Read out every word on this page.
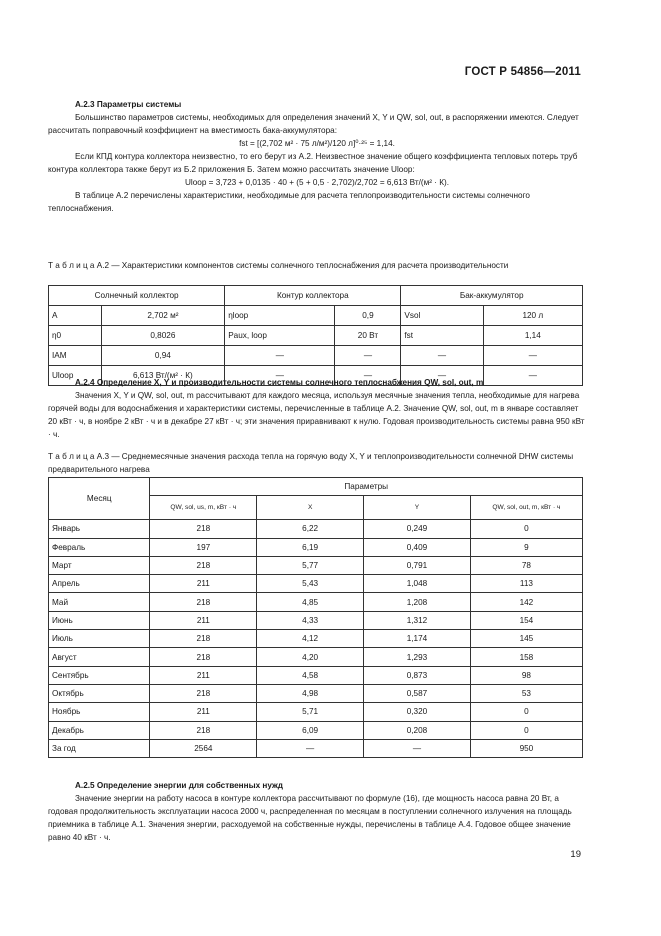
ГОСТ Р 54856—2011

А.2.3 Параметры системы

Большинство параметров системы, необходимых для определения значений X, Y и QW, sol, out, в распоряжении имеются. Следует рассчитать поправочный коэффициент на вместимость бака-аккумулятора:

fst = [(2,702 м² · 75 л/м²)/120 л]⁰·²⁵ = 1,14.

Если КПД контура коллектора неизвестно, то его берут из А.2. Неизвестное значение общего коэффициента тепловых потерь труб контура коллектора также берут из Б.2 приложения Б. Затем можно рассчитать значение Uloop:

Uloop = 3,723 + 0,0135 · 40 + (5 + 0,5 · 2,702)/2,702 = 6,613 Вт/(м² · К).

В таблице А.2 перечислены характеристики, необходимые для расчета теплопроизводительности системы солнечного теплоснабжения.

Т а б л и ц а А.2 — Характеристики компонентов системы солнечного теплоснабжения для расчета производительности
Солнечный коллектор		Контур коллектора		Бак-аккумулятор	
A	2,702 м²	ηloop	0,9	Vsol	120 л
η0	0,8026	Paux, loop	20 Вт	fst	1,14
IAM	0,94	—	—	—	—
Uloop	6,613 Вт/(м² · К)	—	—	—	—

А.2.4 Определение X, Y и производительности системы солнечного теплоснабжения QW, sol, out, m

Значения X, Y и QW, sol, out, m рассчитывают для каждого месяца, используя месячные значения тепла, необходимые для нагрева горячей воды для водоснабжения и характеристики системы, перечисленные в таблице А.2. Значение QW, sol, out, m в январе составляет 20 кВт · ч, в ноябре 2 кВт · ч и в декабре 27 кВт · ч; эти значения приравнивают к нулю. Годовая производительность системы равна 950 кВт · ч.

Т а б л и ц а А.3 — Среднемесячные значения расхода тепла на горячую воду X, Y и теплопроизводительности солнечной DHW системы предварительного нагрева
Месяц	Параметры			
	QW, sol, us, m, кВт · ч	X	Y	QW, sol, out, m, кВт · ч
Январь	218	6,22	0,249	0
Февраль	197	6,19	0,409	9
Март	218	5,77	0,791	78
Апрель	211	5,43	1,048	113
Май	218	4,85	1,208	142
Июнь	211	4,33	1,312	154
Июль	218	4,12	1,174	145
Август	218	4,20	1,293	158
Сентябрь	211	4,58	0,873	98
Октябрь	218	4,98	0,587	53
Ноябрь	211	5,71	0,320	0
Декабрь	218	6,09	0,208	0
За год	2564	—	—	950

А.2.5 Определение энергии для собственных нужд

Значение энергии на работу насоса в контуре коллектора рассчитывают по формуле (16), где мощность насоса равна 20 Вт, а годовая продолжительность эксплуатации насоса 2000 ч, распределенная по месяцам в поступлении солнечного излучения на площадь приемника в таблице А.1. Значения энергии, расходуемой на собственные нужды, перечислены в таблице А.4. Годовое общее значение равно 40 кВт · ч.

19
